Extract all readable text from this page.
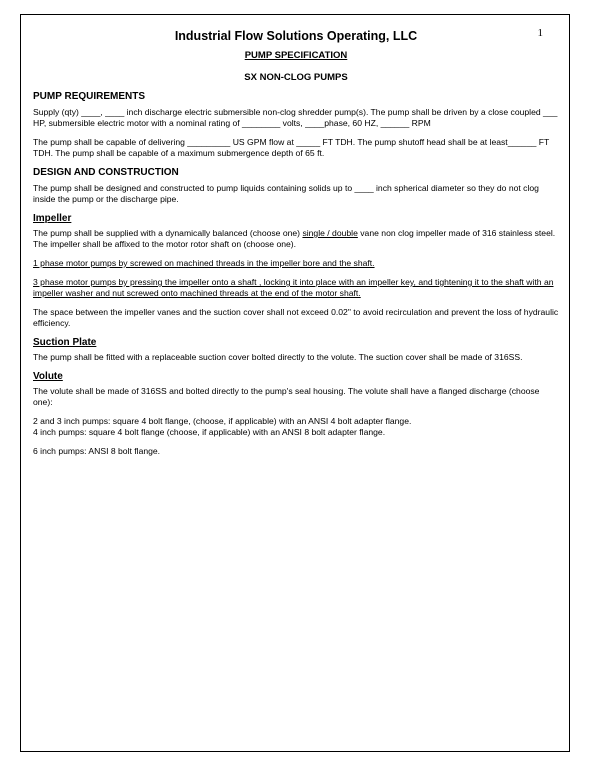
1
Industrial Flow Solutions Operating, LLC
PUMP SPECIFICATION
SX NON-CLOG PUMPS
PUMP REQUIREMENTS

Supply (qty) ____, ____ inch discharge electric submersible non-clog shredder pump(s). The pump shall be driven by a close coupled ___ HP, submersible electric motor with a nominal rating of ________ volts, ____phase, 60 HZ, ______ RPM

The pump shall be capable of delivering _________ US GPM flow at _____ FT TDH. The pump shutoff head shall be at least______ FT TDH. The pump shall be capable of a maximum submergence depth of 65 ft.

DESIGN AND CONSTRUCTION

The pump shall be designed and constructed to pump liquids containing solids up to ____ inch spherical diameter so they do not clog inside the pump or the discharge pipe.

Impeller

The pump shall be supplied with a dynamically balanced (choose one) single / double vane non clog impeller made of 316 stainless steel. The impeller shall be affixed to the motor rotor shaft on (choose one).

1 phase motor pumps by screwed on machined threads in the impeller bore and the shaft.

3 phase motor pumps by pressing the impeller onto a shaft , locking it into place with an impeller key, and tightening it to the shaft with an impeller washer and nut screwed onto machined threads at the end of the motor shaft.

The space between the impeller vanes and the suction cover shall not exceed 0.02" to avoid recirculation and prevent the loss of hydraulic efficiency.

Suction Plate

The pump shall be fitted with a replaceable suction cover bolted directly to the volute. The suction cover shall be made of 316SS.

Volute

The volute shall be made of 316SS and bolted directly to the pump's seal housing. The volute shall have a flanged discharge (choose one):

2 and 3 inch pumps: square 4 bolt flange, (choose, if applicable) with an ANSI 4 bolt adapter flange.

4 inch pumps: square 4 bolt flange (choose, if applicable) with an ANSI 8 bolt adapter flange.

6 inch pumps: ANSI 8 bolt flange.
